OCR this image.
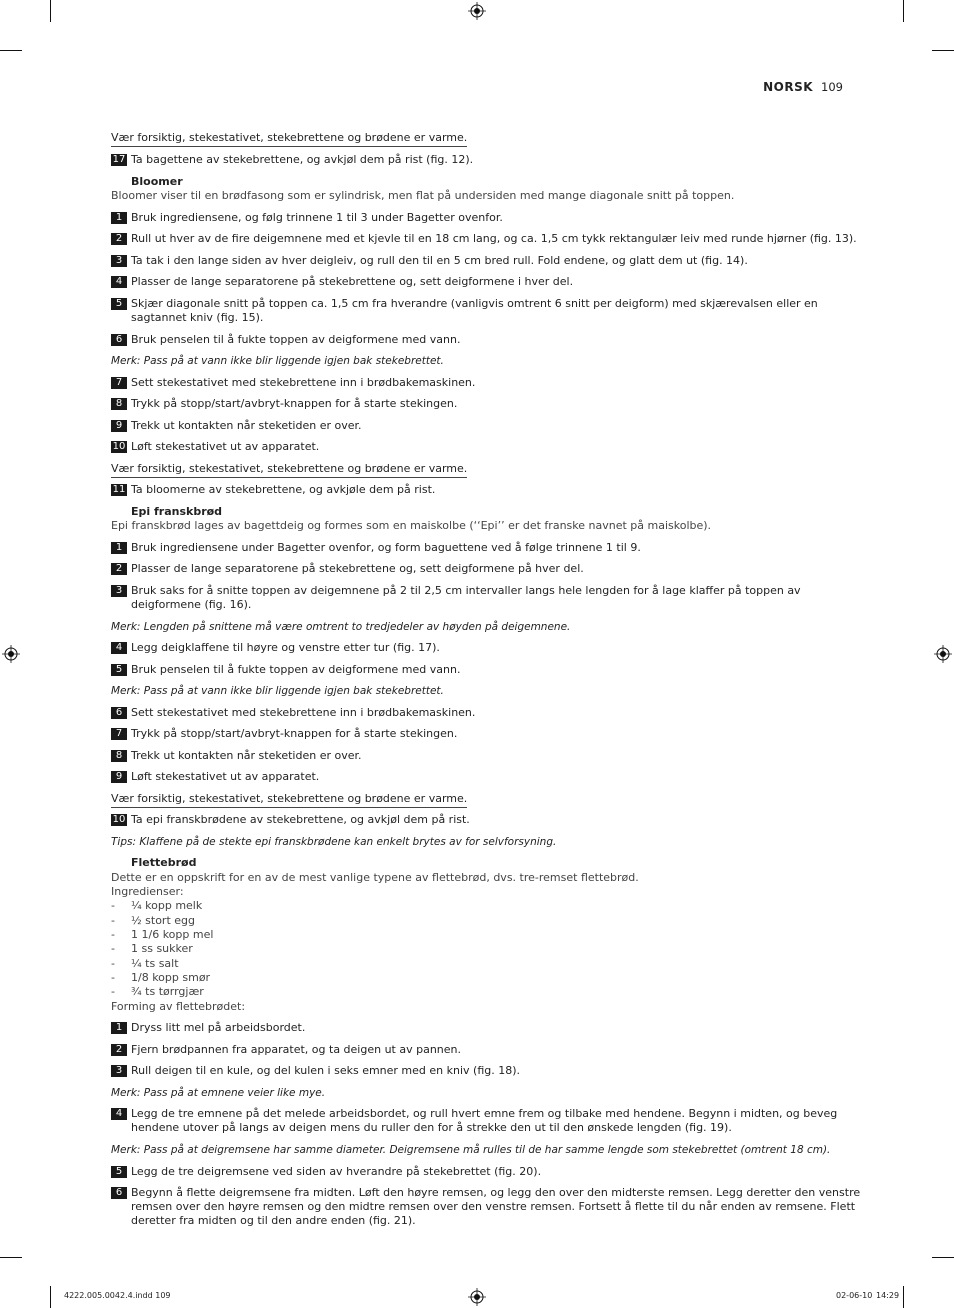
NORSK 109
Vær forsiktig, stekestativet, stekebrettene og brødene er varme.
17 Ta bagettene av stekebrettene, og avkjøl dem på rist (fig. 12).
Bloomer
Bloomer viser til en brødfasong som er sylindrisk, men flat på undersiden med mange diagonale snitt på toppen.
1 Bruk ingrediensene, og følg trinnene 1 til 3 under Bagetter ovenfor.
2 Rull ut hver av de fire deigemnene med et kjevle til en 18 cm lang, og ca. 1,5 cm tykk rektangulær leiv med runde hjørner (fig. 13).
3 Ta tak i den lange siden av hver deigleiv, og rull den til en 5 cm bred rull. Fold endene, og glatt dem ut (fig. 14).
4 Plasser de lange separatorene på stekebrettene og, sett deigformene i hver del.
5 Skjær diagonale snitt på toppen ca. 1,5 cm fra hverandre (vanligvis omtrent 6 snitt per deigform) med skjærevalsen eller en sagtannet kniv (fig. 15).
6 Bruk penselen til å fukte toppen av deigformene med vann.
Merk: Pass på at vann ikke blir liggende igjen bak stekebrettet.
7 Sett stekestativet med stekebrettene inn i brødbakemaskinen.
8 Trykk på stopp/start/avbryt-knappen for å starte stekingen.
9 Trekk ut kontakten når steketiden er over.
10 Løft stekestativet ut av apparatet.
Vær forsiktig, stekestativet, stekebrettene og brødene er varme.
11 Ta bloomerne av stekebrettene, og avkjøle dem på rist.
Epi franskbrød
Epi franskbrød lages av bagettdeig og formes som en maiskolbe (‘‘Epi’’ er det franske navnet på maiskolbe).
1 Bruk ingrediensene under Bagetter ovenfor, og form baguettene ved å følge trinnene 1 til 9.
2 Plasser de lange separatorene på stekebrettene og, sett deigformene på hver del.
3 Bruk saks for å snitte toppen av deigemnene på 2 til 2,5 cm intervaller langs hele lengden for å lage klaffer på toppen av deigformene (fig. 16).
Merk: Lengden på snittene må være omtrent to tredjedeler av høyden på deigemnene.
4 Legg deigklaffene til høyre og venstre etter tur (fig. 17).
5 Bruk penselen til å fukte toppen av deigformene med vann.
Merk: Pass på at vann ikke blir liggende igjen bak stekebrettet.
6 Sett stekestativet med stekebrettene inn i brødbakemaskinen.
7 Trykk på stopp/start/avbryt-knappen for å starte stekingen.
8 Trekk ut kontakten når steketiden er over.
9 Løft stekestativet ut av apparatet.
Vær forsiktig, stekestativet, stekebrettene og brødene er varme.
10 Ta epi franskbrødene av stekebrettene, og avkjøl dem på rist.
Tips: Klaffene på de stekte epi franskbrødene kan enkelt brytes av for selvforsyning.
Flettebrød
Dette er en oppskrift for en av de mest vanlige typene av flettebrød, dvs. tre-remset flettebrød.
Ingredienser:
- ¼ kopp melk
- ½ stort egg
- 1 1/6 kopp mel
- 1 ss sukker
- ¼ ts salt
- 1/8 kopp smør
- ¾ ts tørrgjær
Forming av flettebrødet:
1 Dryss litt mel på arbeidsbordet.
2 Fjern brødpannen fra apparatet, og ta deigen ut av pannen.
3 Rull deigen til en kule, og del kulen i seks emner med en kniv (fig. 18).
Merk: Pass på at emnene veier like mye.
4 Legg de tre emnene på det melede arbeidsbordet, og rull hvert emne frem og tilbake med hendene. Begynn i midten, og beveg hendene utover på langs av deigen mens du ruller den for å strekke den ut til den ønskede lengden (fig. 19).
Merk: Pass på at deigremsene har samme diameter. Deigremsene må rulles til de har samme lengde som stekebrettet (omtrent 18 cm).
5 Legg de tre deigremsene ved siden av hverandre på stekebrettet (fig. 20).
6 Begynn å flette deigremsene fra midten. Løft den høyre remsen, og legg den over den midterste remsen. Legg deretter den venstre remsen over den høyre remsen og den midtre remsen over den venstre remsen. Fortsett å flette til du når enden av remsene. Flett deretter fra midten og til den andre enden (fig. 21).
4222.005.0042.4.indd 109	02-06-10 14:29
